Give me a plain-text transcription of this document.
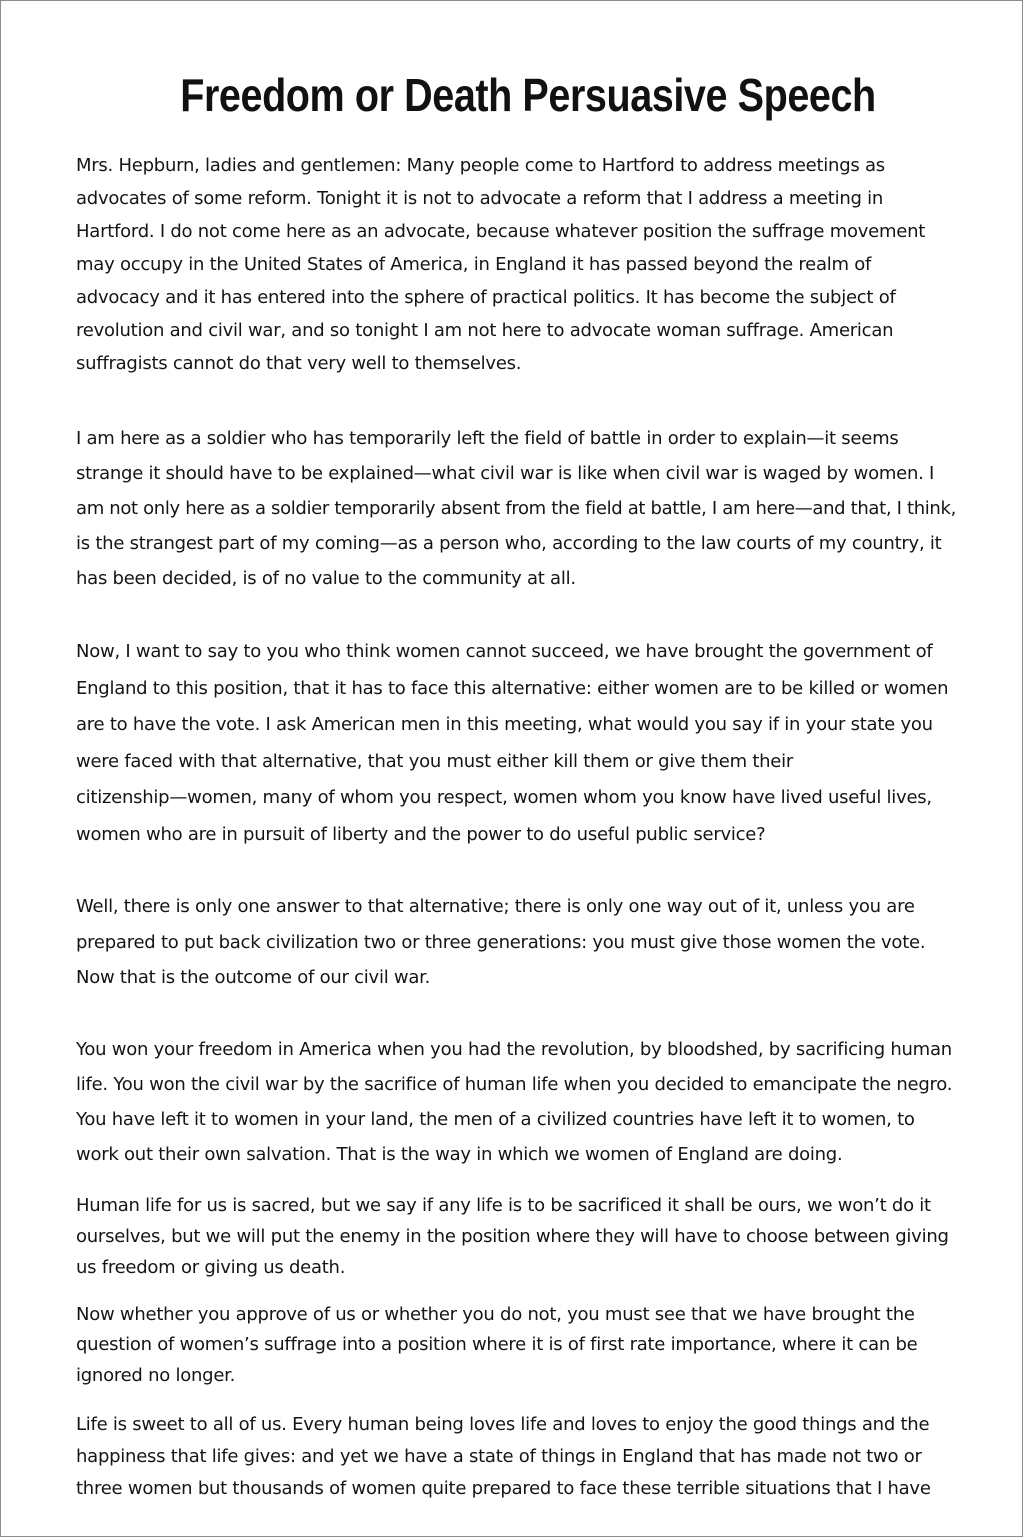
Freedom or Death Persuasive Speech

Mrs. Hepburn, ladies and gentlemen: Many people come to Hartford to address meetings as
advocates of some reform. Tonight it is not to advocate a reform that I address a meeting in
Hartford. I do not come here as an advocate, because whatever position the suffrage movement
may occupy in the United States of America, in England it has passed beyond the realm of
advocacy and it has entered into the sphere of practical politics. It has become the subject of
revolution and civil war, and so tonight I am not here to advocate woman suffrage. American
suffragists cannot do that very well to themselves.

I am here as a soldier who has temporarily left the field of battle in order to explain—it seems
strange it should have to be explained—what civil war is like when civil war is waged by women. I
am not only here as a soldier temporarily absent from the field at battle, I am here—and that, I think,
is the strangest part of my coming—as a person who, according to the law courts of my country, it
has been decided, is of no value to the community at all.

Now, I want to say to you who think women cannot succeed, we have brought the government of
England to this position, that it has to face this alternative: either women are to be killed or women
are to have the vote. I ask American men in this meeting, what would you say if in your state you
were faced with that alternative, that you must either kill them or give them their
citizenship—women, many of whom you respect, women whom you know have lived useful lives,
women who are in pursuit of liberty and the power to do useful public service?

Well, there is only one answer to that alternative; there is only one way out of it, unless you are
prepared to put back civilization two or three generations: you must give those women the vote.
Now that is the outcome of our civil war.

You won your freedom in America when you had the revolution, by bloodshed, by sacrificing human
life. You won the civil war by the sacrifice of human life when you decided to emancipate the negro.
You have left it to women in your land, the men of a civilized countries have left it to women, to
work out their own salvation. That is the way in which we women of England are doing.

Human life for us is sacred, but we say if any life is to be sacrificed it shall be ours, we won’t do it
ourselves, but we will put the enemy in the position where they will have to choose between giving
us freedom or giving us death.

Now whether you approve of us or whether you do not, you must see that we have brought the
question of women’s suffrage into a position where it is of first rate importance, where it can be
ignored no longer.

Life is sweet to all of us. Every human being loves life and loves to enjoy the good things and the
happiness that life gives: and yet we have a state of things in England that has made not two or
three women but thousands of women quite prepared to face these terrible situations that I have
